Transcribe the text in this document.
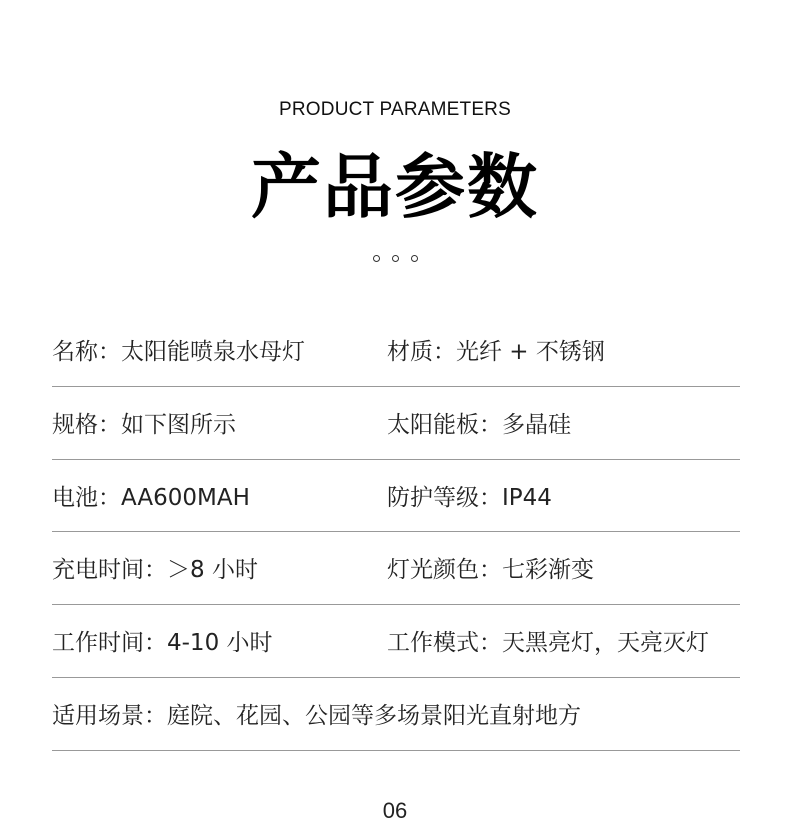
PRODUCT PARAMETERS
产品参数
名称：太阳能喷泉水母灯	材质：光纤 + 不锈钢
规格：如下图所示	太阳能板：多晶硅
电池：AA600MAH	防护等级：IP44
充电时间：＞8 小时	灯光颜色：七彩渐变
工作时间：4-10 小时	工作模式：天黑亮灯，天亮灭灯
适用场景：庭院、花园、公园等多场景阳光直射地方
06
